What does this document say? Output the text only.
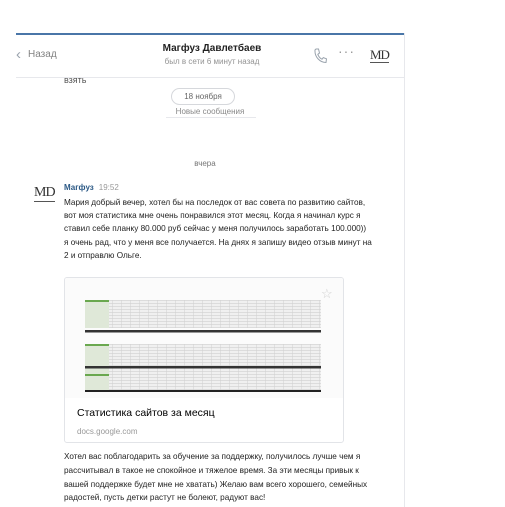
‹ Назад
Магфуз Давлетбаев
был в сети 6 минут назад
··· MD
взять
18 ноября
Новые сообщения
вчера
MD Магфуз 19:52
Мария добрый вечер, хотел бы на последок от вас совета по развитию сайтов, вот моя статистика мне очень понравился этот месяц. Когда я начинал курс я ставил себе планку 80.000 руб сейчас у меня получилось заработать 100.000)) я очень рад, что у меня все получается. На днях я запишу видео отзыв минут на 2 и отправлю Ольге.
☆
Статистика сайтов за месяц
docs.google.com
Хотел вас поблагодарить за обучение за поддержку, получилось лучше чем я рассчитывал в такое не спокойное и тяжелое время. За эти месяцы привык к вашей поддержке будет мне не хватать) Желаю вам всего хорошего, семейных радостей, пусть детки растут не болеют, радуют вас!
